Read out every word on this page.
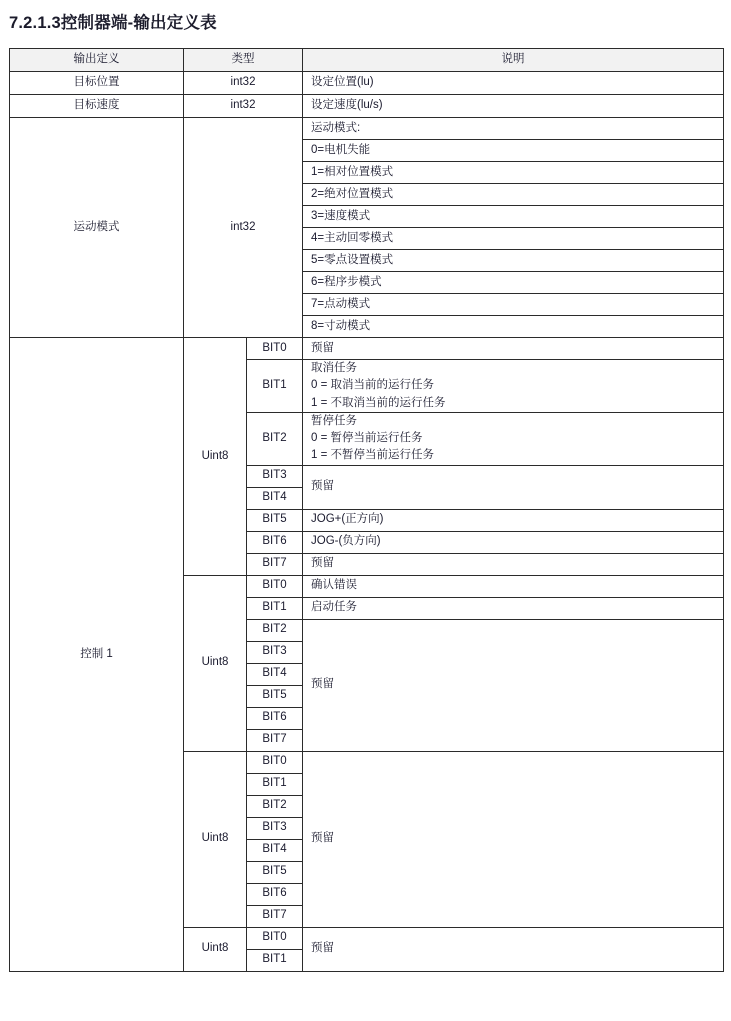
7.2.1.3控制器端-输出定义表
输出定义	类型		说明
目标位置	int32		设定位置(lu)
目标速度	int32		设定速度(lu/s)
运动模式	int32		运动模式:
			0=电机失能
			1=相对位置模式
			2=绝对位置模式
			3=速度模式
			4=主动回零模式
			5=零点设置模式
			6=程序步模式
			7=点动模式
			8=寸动模式
控制 1	Uint8	BIT0	预留
		BIT1	取消任务
0 = 取消当前的运行任务
1 = 不取消当前的运行任务

		BIT2	暂停任务
0 = 暂停当前运行任务
1 = 不暂停当前运行任务

		BIT3	预留
		BIT4	
		BIT5	JOG+(正方向)
		BIT6	JOG-(负方向)
		BIT7	预留
	Uint8	BIT0	确认错误
		BIT1	启动任务
		BIT2	预留
		BIT3	
		BIT4	
		BIT5	
		BIT6	
		BIT7	
	Uint8	BIT0	预留
		BIT1	
		BIT2	
		BIT3	
		BIT4	
		BIT5	
		BIT6	
		BIT7	
	Uint8	BIT0	预留
		BIT1	
